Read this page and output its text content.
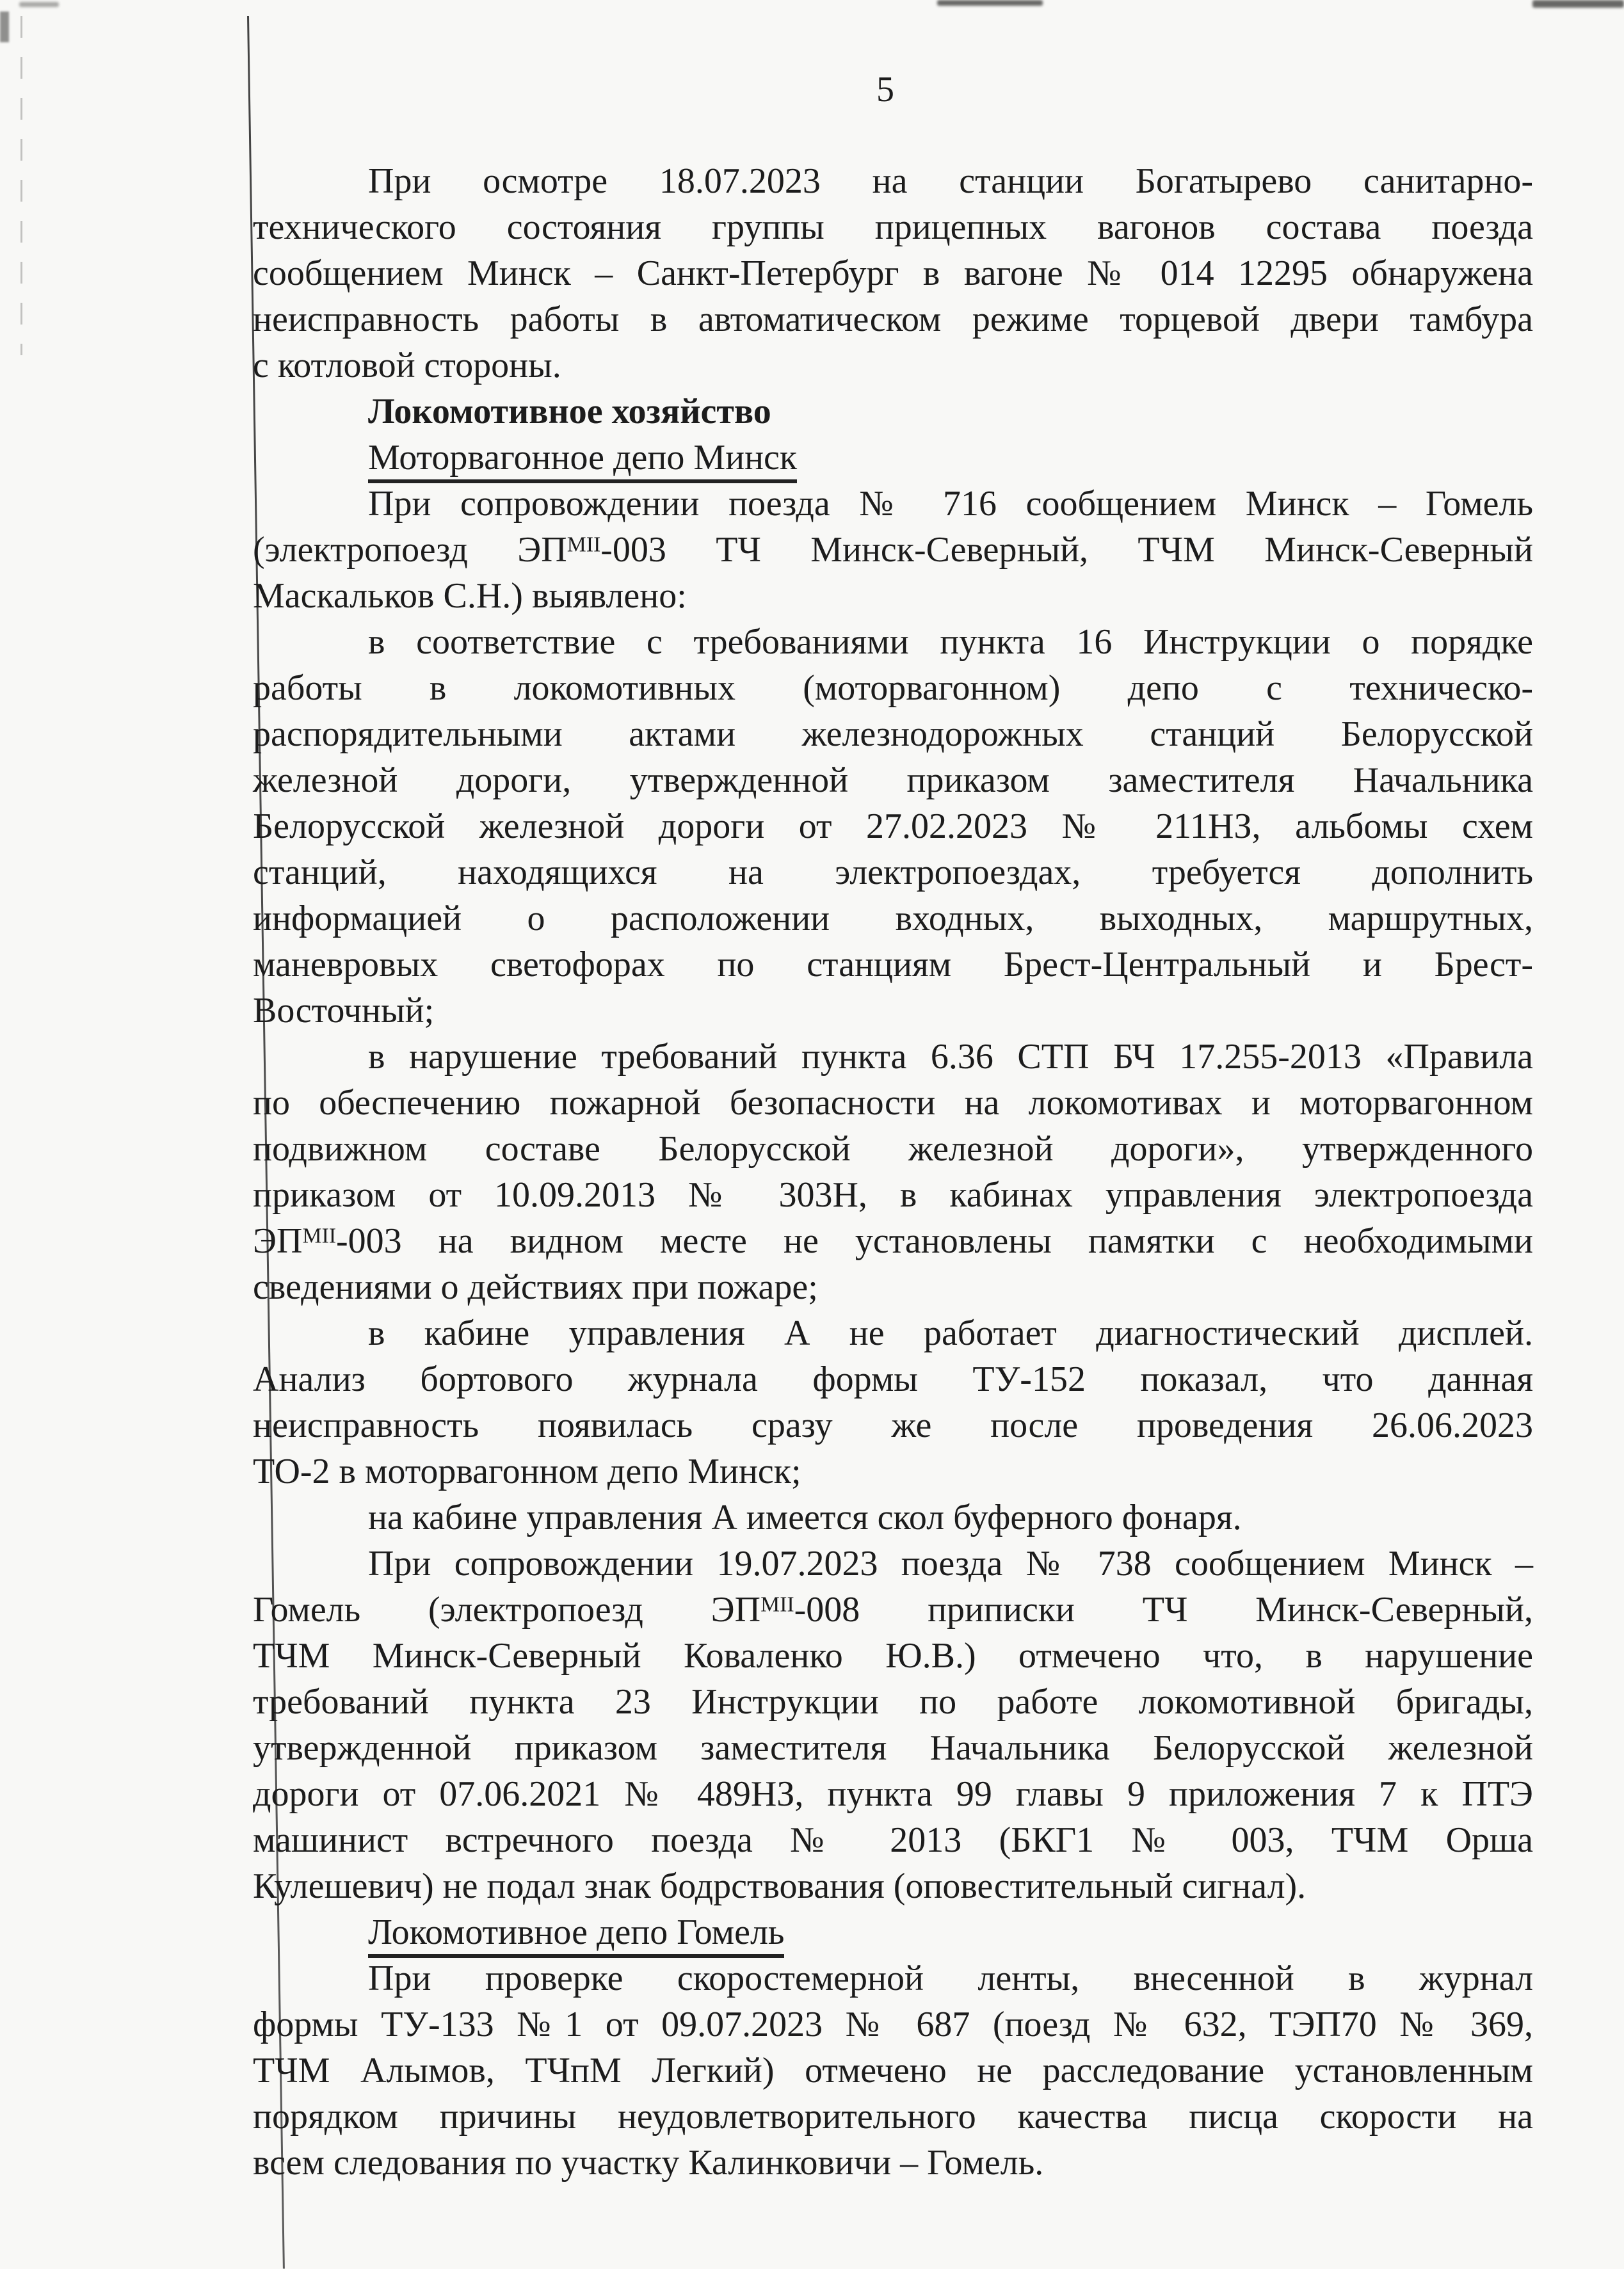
5
При осмотре 18.07.2023 на станции Богатырево санитарно-
технического состояния группы прицепных вагонов состава поезда
сообщением Минск – Санкт-Петербург в вагоне № 014 12295 обнаружена
неисправность работы в автоматическом режиме торцевой двери тамбура
с котловой стороны.
Локомотивное хозяйство
Моторвагонное депо Минск
При сопровождении поезда № 716 сообщением Минск – Гомель
(электропоезд ЭПᴹᴵᴵ-003 ТЧ Минск-Северный, ТЧМ Минск-Северный
Маскальков С.Н.) выявлено:
в соответствие с требованиями пункта 16 Инструкции о порядке
работы в локомотивных (моторвагонном) депо с техническо-
распорядительными актами железнодорожных станций Белорусской
железной дороги, утвержденной приказом заместителя Начальника
Белорусской железной дороги от 27.02.2023 № 211НЗ, альбомы схем
станций, находящихся на электропоездах, требуется дополнить
информацией о расположении входных, выходных, маршрутных,
маневровых светофорах по станциям Брест-Центральный и Брест-
Восточный;
в нарушение требований пункта 6.36 СТП БЧ 17.255-2013 «Правила
по обеспечению пожарной безопасности на локомотивах и моторвагонном
подвижном составе Белорусской железной дороги», утвержденного
приказом от 10.09.2013 № 303Н, в кабинах управления электропоезда
ЭПᴹᴵᴵ-003 на видном месте не установлены памятки с необходимыми
сведениями о действиях при пожаре;
в кабине управления А не работает диагностический дисплей.
Анализ бортового журнала формы ТУ-152 показал, что данная
неисправность появилась сразу же после проведения 26.06.2023
ТО-2 в моторвагонном депо Минск;
на кабине управления А имеется скол буферного фонаря.
При сопровождении 19.07.2023 поезда № 738 сообщением Минск –
Гомель (электропоезд ЭПᴹᴵᴵ-008 приписки ТЧ Минск-Северный,
ТЧМ Минск-Северный Коваленко Ю.В.) отмечено что, в нарушение
требований пункта 23 Инструкции по работе локомотивной бригады,
утвержденной приказом заместителя Начальника Белорусской железной
дороги от 07.06.2021 № 489НЗ, пункта 99 главы 9 приложения 7 к ПТЭ
машинист встречного поезда № 2013 (БКГ1 № 003, ТЧМ Орша
Кулешевич) не подал знак бодрствования (оповестительный сигнал).
Локомотивное депо Гомель
При проверке скоростемерной ленты, внесенной в журнал
формы ТУ-133 №1 от 09.07.2023 № 687 (поезд № 632, ТЭП70 № 369,
ТЧМ Алымов, ТЧпМ Легкий) отмечено не расследование установленным
порядком причины неудовлетворительного качества писца скорости на
всем следования по участку Калинковичи – Гомель.
